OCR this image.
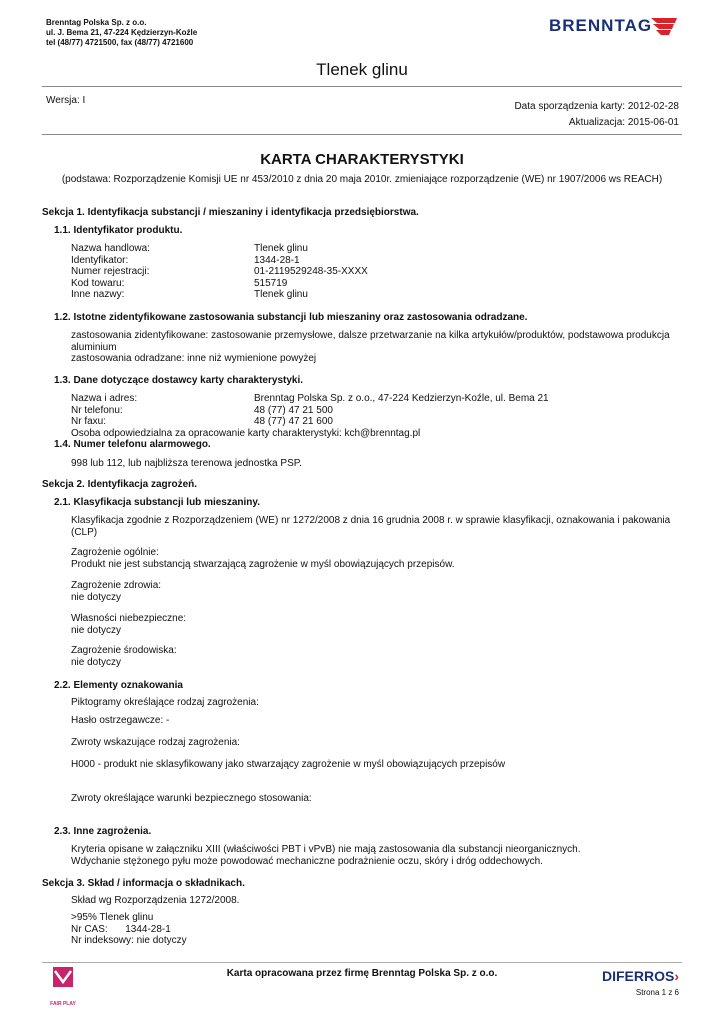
Brenntag Polska Sp. z o.o.
ul. J. Bema 21, 47-224 Kędzierzyn-Koźle
tel (48/77) 4721500, fax (48/77) 4721600
BRENNTAG
Tlenek glinu
Wersja: I
Data sporządzenia karty: 2012-02-28
Aktualizacja: 2015-06-01
KARTA CHARAKTERYSTYKI
(podstawa: Rozporządzenie Komisji UE nr 453/2010 z dnia 20 maja 2010r. zmieniające rozporządzenie (WE) nr 1907/2006 ws REACH)
Sekcja 1. Identyfikacja substancji / mieszaniny i identyfikacja przedsiębiorstwa.
1.1. Identyfikator produktu.
Nazwa handlowa:
Identyfikator:
Numer rejestracji:
Kod towaru:
Inne nazwy:
Tlenek glinu
1344-28-1
01-2119529248-35-XXXX
515719
Tlenek glinu
1.2. Istotne zidentyfikowane zastosowania substancji lub mieszaniny oraz zastosowania odradzane.
zastosowania zidentyfikowane: zastosowanie przemysłowe, dalsze przetwarzanie na kilka artykułów/produktów, podstawowa produkcja
aluminium
zastosowania odradzane: inne niż wymienione powyżej
1.3. Dane dotyczące dostawcy karty charakterystyki.
Nazwa i adres:
Nr telefonu:
Nr faxu:
Brenntag Polska Sp. z o.o., 47-224 Kedzierzyn-Koźle, ul. Bema 21
48 (77) 47 21 500
48 (77) 47 21 600
Osoba odpowiedzialna za opracowanie karty charakterystyki: kch@brenntag.pl
1.4. Numer telefonu alarmowego.
998 lub 112, lub najbliższa terenowa jednostka PSP.
Sekcja 2. Identyfikacja zagrożeń.
2.1. Klasyfikacja substancji lub mieszaniny.
Klasyfikacja zgodnie z Rozporządzeniem (WE) nr 1272/2008 z dnia 16 grudnia 2008 r. w sprawie klasyfikacji, oznakowania i pakowania
(CLP)
Zagrożenie ogólnie:
Produkt nie jest substancją stwarzającą zagrożenie w myśl obowiązujących przepisów.
Zagrożenie zdrowia:
nie dotyczy
Własności niebezpieczne:
nie dotyczy
Zagrożenie środowiska:
nie dotyczy
2.2. Elementy oznakowania
Piktogramy określające rodzaj zagrożenia:
Hasło ostrzegawcze: -
Zwroty wskazujące rodzaj zagrożenia:
H000 - produkt nie sklasyfikowany jako stwarzający zagrożenie w myśl obowiązujących przepisów
Zwroty określające warunki bezpiecznego stosowania:
2.3. Inne zagrożenia.
Kryteria opisane w załączniku XIII (właściwości PBT i vPvB) nie mają zastosowania dla substancji nieorganicznych.
Wdychanie stężonego pyłu może powodować mechaniczne podrażnienie oczu, skóry i dróg oddechowych.
Sekcja 3. Skład / informacja o składnikach.
Skład wg Rozporządzenia 1272/2008.
>95% Tlenek glinu
Nr CAS: 1344-28-1
Nr indeksowy: nie dotyczy
FAIR PLAY
Karta opracowana przez firmę Brenntag Polska Sp. z o.o.	DIFERROS›
Strona 1 z 6
